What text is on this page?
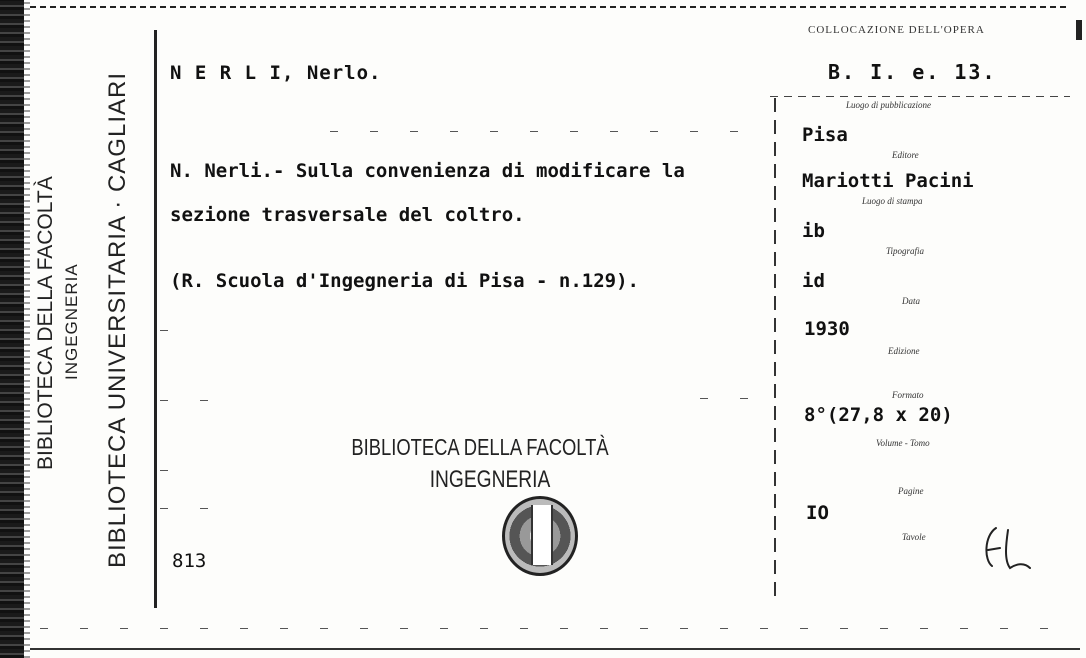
BIBLIOTECA UNIVERSITARIA · CAGLIARI
BIBLIOTECA DELLA FACOLTÀ INGEGNERIA
N E R L I, Nerlo.
N. Nerli.- Sulla convenienza di modificare la
sezione trasversale del coltro.
(R. Scuola d'Ingegneria di Pisa - n.129).
813
BIBLIOTECA DELLA FACOLTÀ
INGEGNERIA
COLLOCAZIONE DELL'OPERA
B. I. e. 13.
Luogo di pubblicazione
Pisa
Editore
Mariotti Pacini
Luogo di stampa
ib
Tipografia
id
Data
1930
Edizione
Formato
8°(27,8 x 20)
Volume - Tomo
Pagine
IO
Tavole
